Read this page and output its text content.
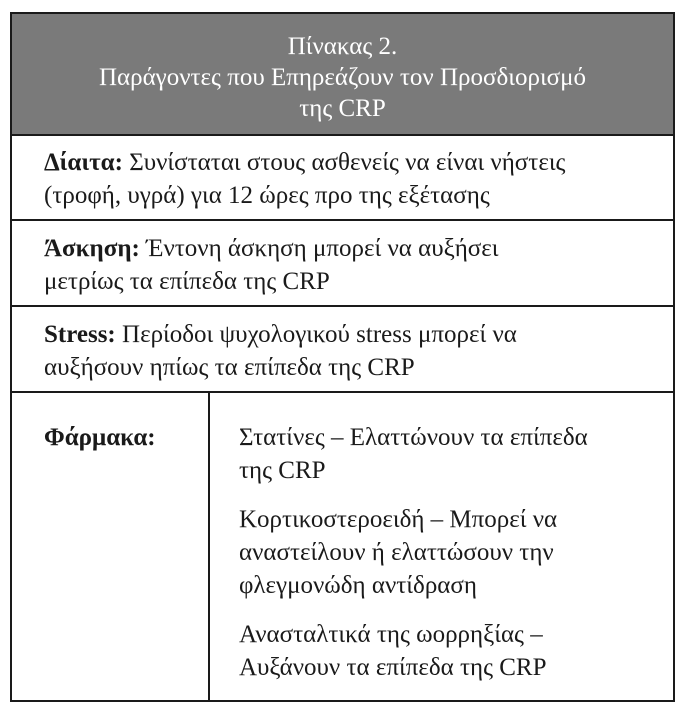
Πίνακας 2.
Παράγοντες που Επηρεάζουν τον Προσδιορισμό
της CRP
Δίαιτα: Συνίσταται στους ασθενείς να είναι νήστεις
(τροφή, υγρά) για 12 ώρες προ της εξέτασης
Άσκηση: Έντονη άσκηση μπορεί να αυξήσει
μετρίως τα επίπεδα της CRP
Stress: Περίοδοι ψυχολογικού stress μπορεί να
αυξήσουν ηπίως τα επίπεδα της CRP
Φάρμακα:	Στατίνες – Ελαττώνουν τα επίπεδα
της CRP
Κορτικοστεροειδή – Μπορεί να
αναστείλουν ή ελαττώσουν την
φλεγμονώδη αντίδραση
Ανασταλτικά της ωορρηξίας –
Αυξάνουν τα επίπεδα της CRP
